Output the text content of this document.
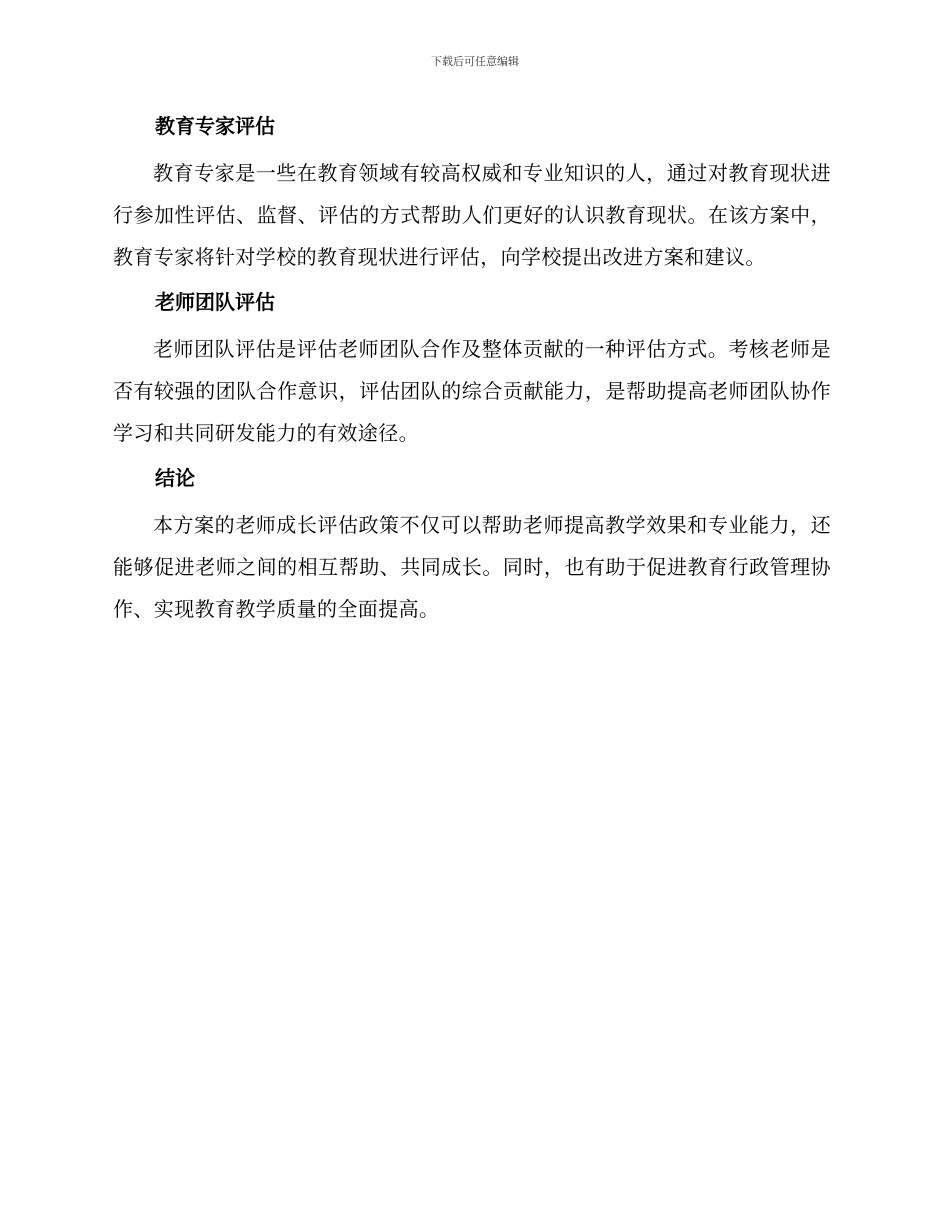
下载后可任意编辑
教育专家评估

教育专家是一些在教育领域有较高权威和专业知识的人，通过对教育现状进行参加性评估、监督、评估的方式帮助人们更好的认识教育现状。在该方案中，教育专家将针对学校的教育现状进行评估，向学校提出改进方案和建议。

老师团队评估

老师团队评估是评估老师团队合作及整体贡献的一种评估方式。考核老师是否有较强的团队合作意识，评估团队的综合贡献能力，是帮助提高老师团队协作学习和共同研发能力的有效途径。

结论

本方案的老师成长评估政策不仅可以帮助老师提高教学效果和专业能力，还能够促进老师之间的相互帮助、共同成长。同时，也有助于促进教育行政管理协作、实现教育教学质量的全面提高。
